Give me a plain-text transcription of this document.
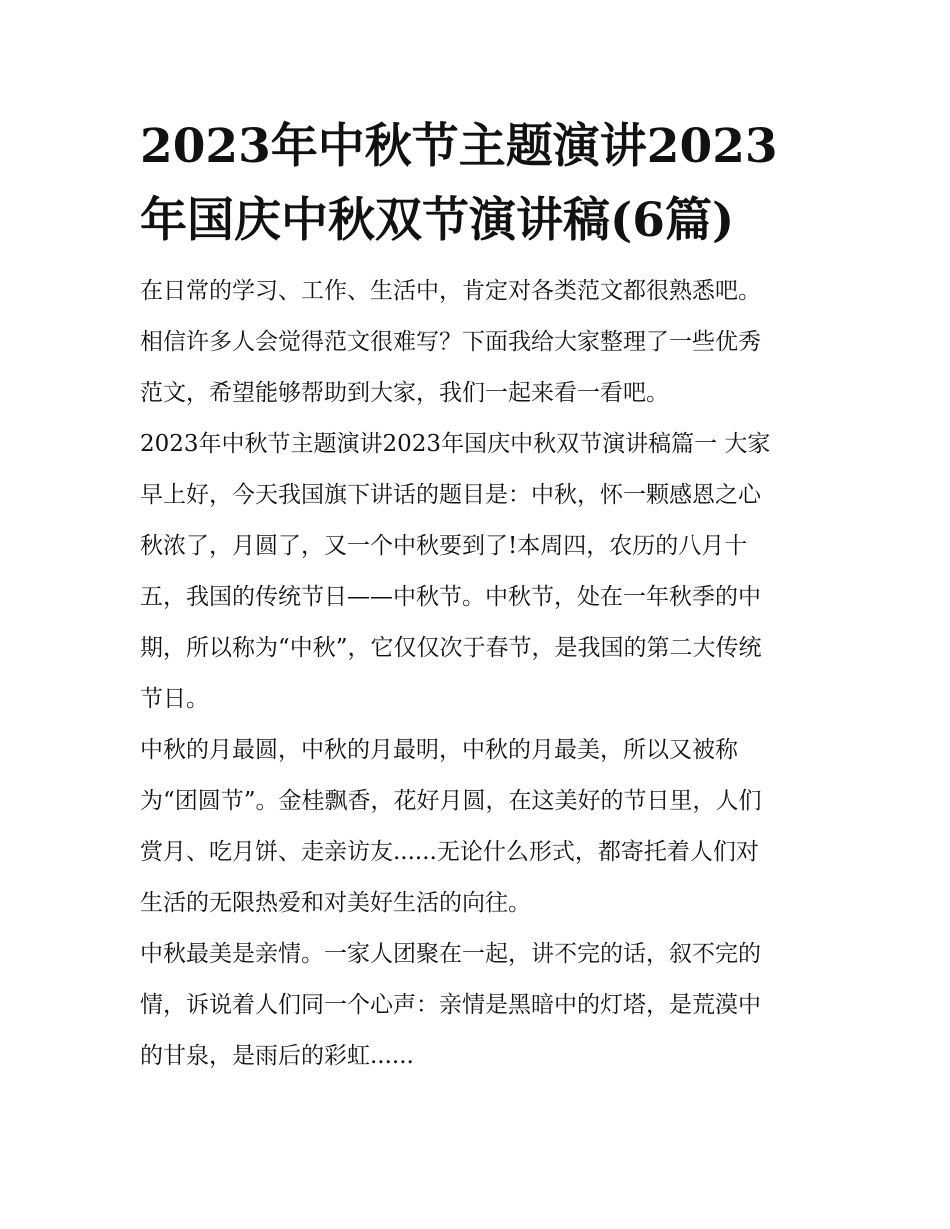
2023年中秋节主题演讲2023
年国庆中秋双节演讲稿(6篇)
在日常的学习、工作、生活中，肯定对各类范文都很熟悉吧。
相信许多人会觉得范文很难写？下面我给大家整理了一些优秀
范文，希望能够帮助到大家，我们一起来看一看吧。
2023年中秋节主题演讲2023年国庆中秋双节演讲稿篇一 大家
早上好，今天我国旗下讲话的题目是：中秋，怀一颗感恩之心
秋浓了，月圆了，又一个中秋要到了!本周四，农历的八月十
五，我国的传统节日——中秋节。中秋节，处在一年秋季的中
期，所以称为“中秋”，它仅仅次于春节，是我国的第二大传统
节日。
中秋的月最圆，中秋的月最明，中秋的月最美，所以又被称
为“团圆节”。金桂飘香，花好月圆，在这美好的节日里，人们
赏月、吃月饼、走亲访友......无论什么形式，都寄托着人们对
生活的无限热爱和对美好生活的向往。
中秋最美是亲情。一家人团聚在一起，讲不完的话，叙不完的
情，诉说着人们同一个心声：亲情是黑暗中的灯塔，是荒漠中
的甘泉，是雨后的彩虹......
